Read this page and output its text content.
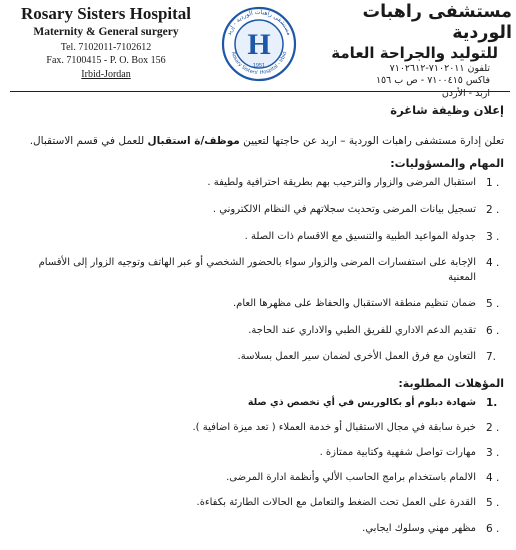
Rosary Sisters Hospital
Maternity & General surgery
Tel. 7102011-7102612
Fax. 7100415 - P. O. Box 156
Irbid-Jordan
مستشفى راهبات الوردية - إربد
Rosary Sisters' Hospital - Irbid
H
1951
مستشفى راهبات الوردية
للتوليد والجراحة العامة
تلفون ٧١٠٢٠١١-٧١٠٢٦١٢
فاكس ٧١٠٠٤١٥ - ص ب ١٥٦
اربد - الأردن
إعلان وظيفة شاغرة

تعلن إدارة مستشفى راهبات الوردية – اربد عن حاجتها لتعيين موظف/ة استقبال للعمل في قسم الاستقبال.

المهام والمسؤوليات:
1 .
استقبال المرضى والزوار والترحيب بهم بطريقة احترافية ولطيفة .
2 .
تسجيل بيانات المرضى وتحديث سجلاتهم في النظام الالكتروني .
3 .
جدولة المواعيد الطبية والتنسيق مع الاقسام ذات الصلة .
4 .
الإجابة على استفسارات المرضى والزوار سواء بالحضور الشخصي أو عبر الهاتف وتوجيه الزوار إلى الأقسام المعنية
5 .
ضمان تنظيم منطقة الاستقبال والحفاظ على مظهرها العام.
6 .
تقديم الدعم الاداري للفريق الطبي والاداري عند الحاجة.
7.
التعاون مع فرق العمل الأخرى لضمان سير العمل بسلاسة.
المؤهلات المطلوبة:
1.
شهادة دبلوم أو بكالوريس في أي تخصص ذي صلة
2 .
خبرة سابقة في مجال الاستقبال أو خدمة العملاء ( تعد ميزة اضافية ).
3 .
مهارات تواصل شفهية وكتابية ممتازة .
4 .
الالمام باستخدام برامج الحاسب الألي وأنظمة ادارة المرضى.
5 .
القدرة على العمل تحت الضغط والتعامل مع الحالات الطارئة بكفاءة.
6 .
مظهر مهني وسلوك ايجابي.
